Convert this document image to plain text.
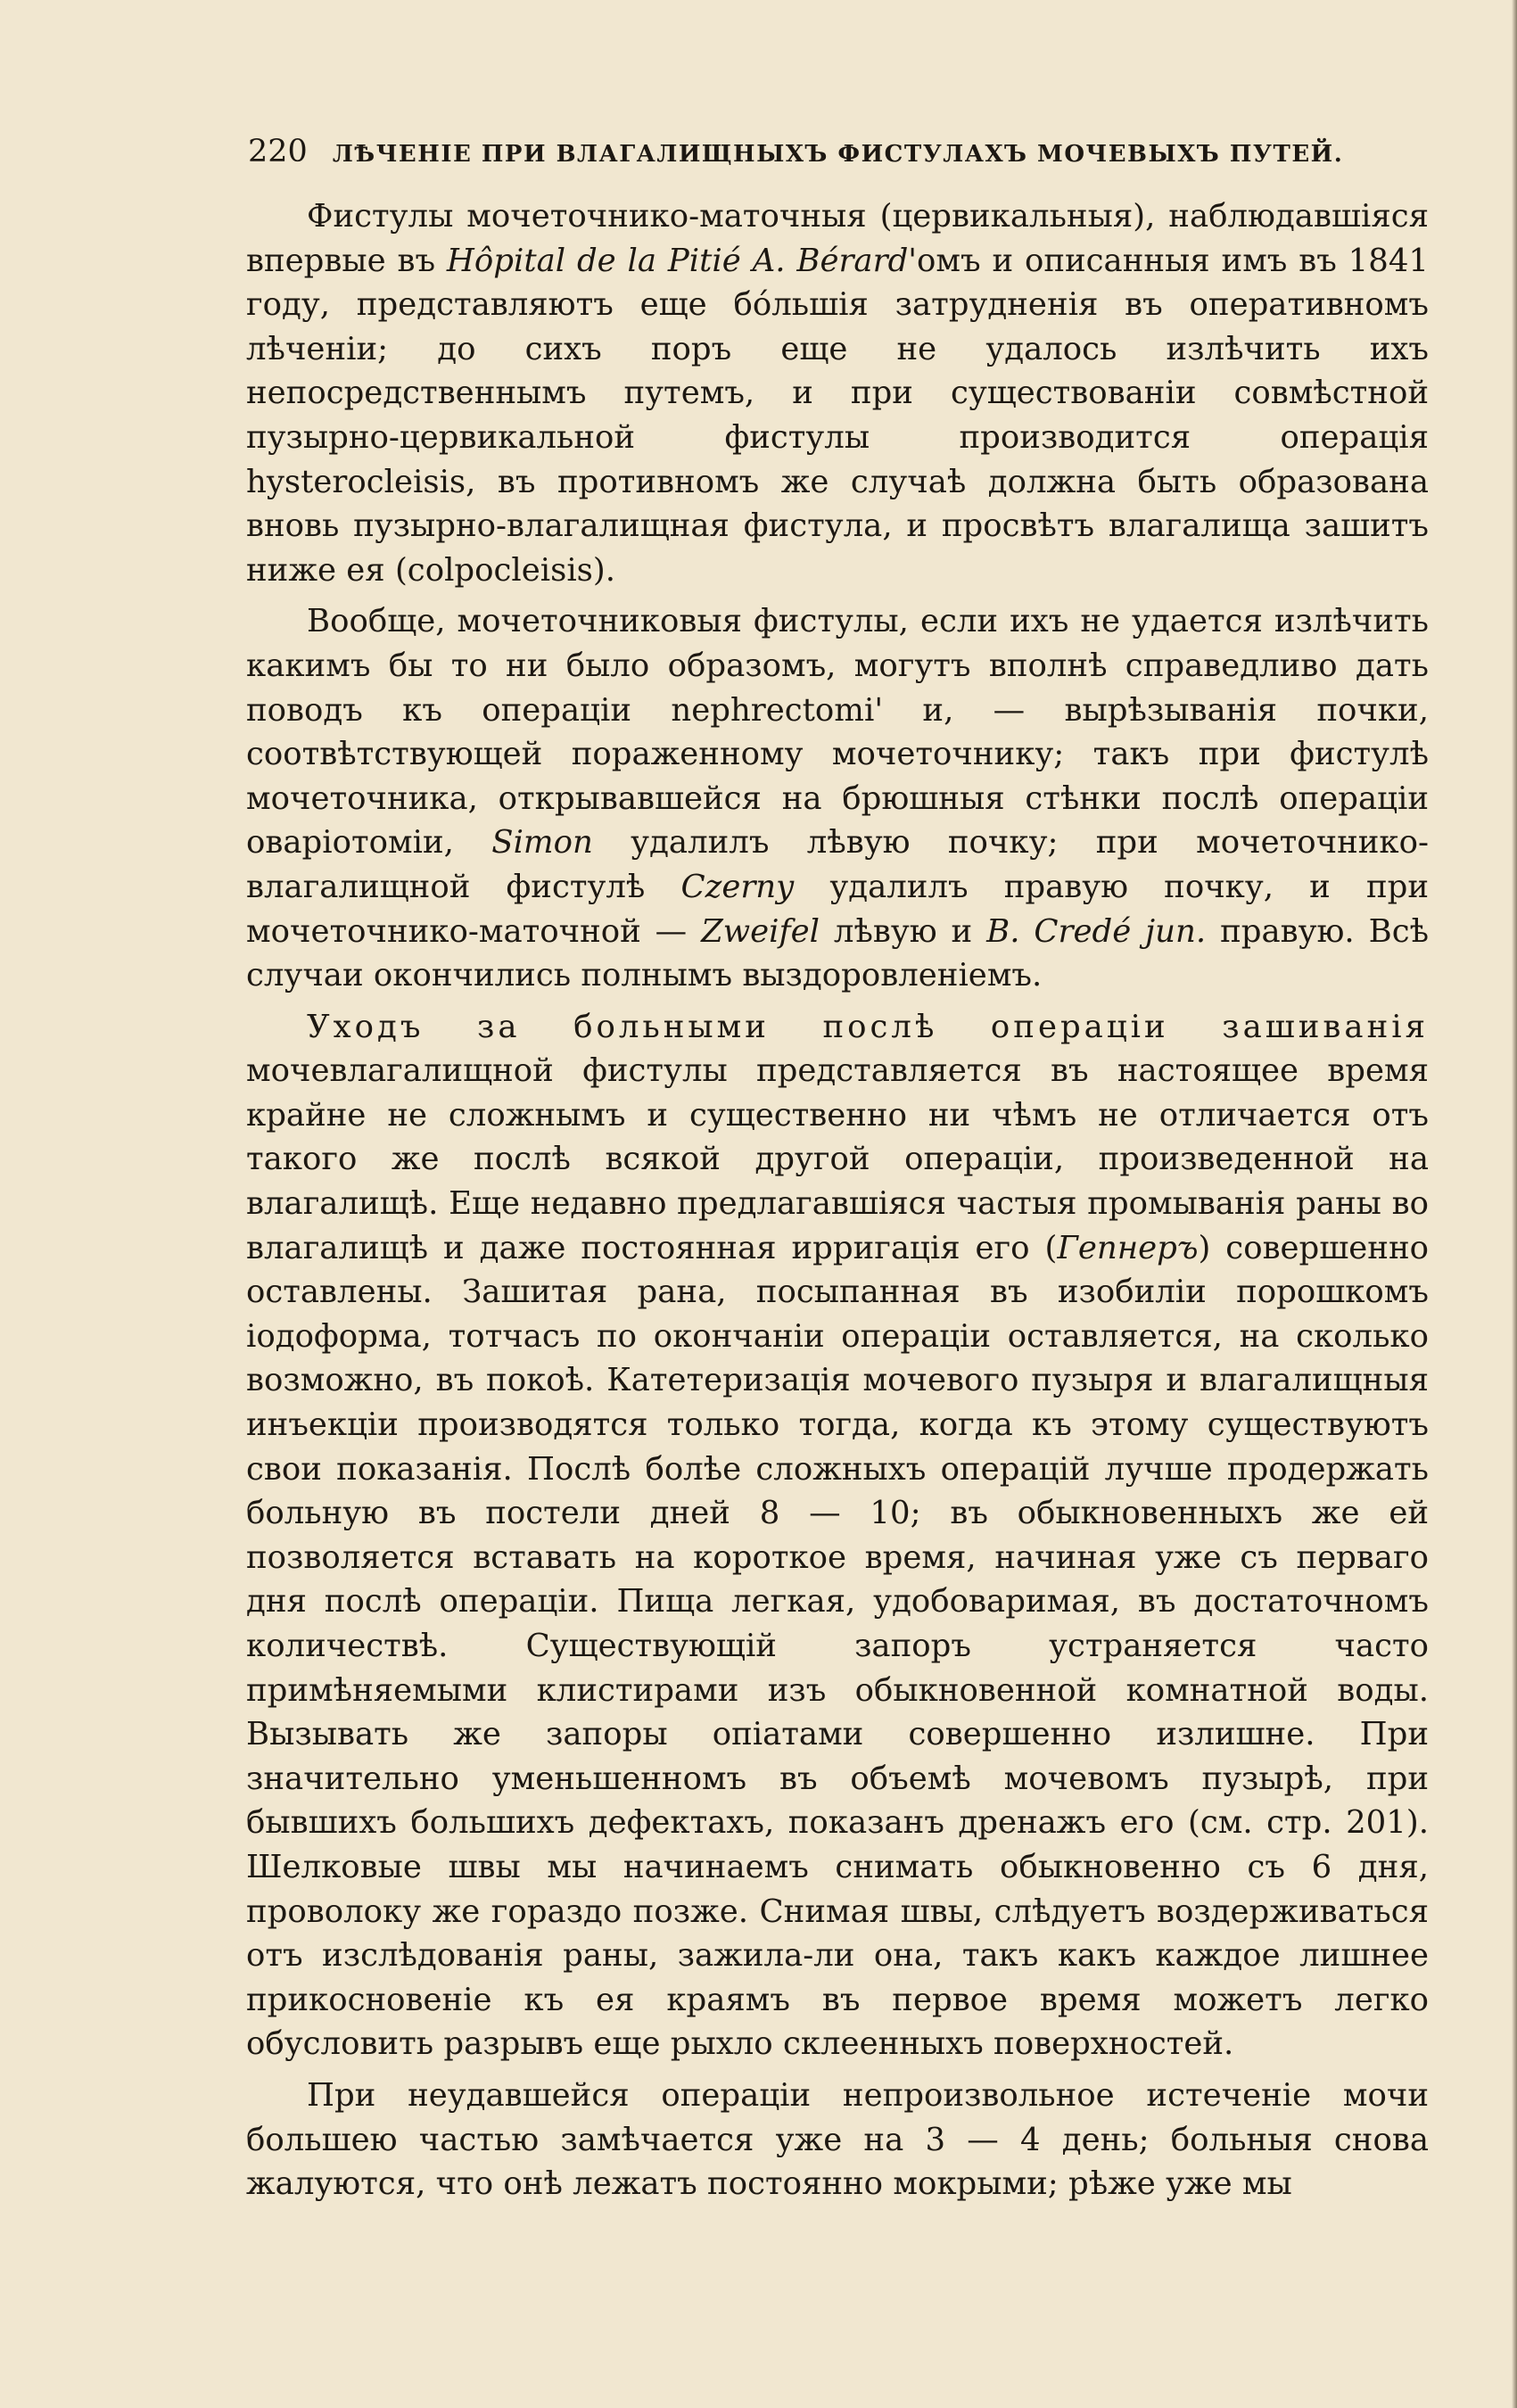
220 ЛѢЧЕНІЕ ПРИ ВЛАГАЛИЩНЫХЪ ФИСТУЛАХЪ МОЧЕВЫХЪ ПУТЕЙ.

Фистулы мочеточнико-маточныя (цервикальныя), наблюдавшіяся впервые въ Hôpital de la Pitié A. Bérard'омъ и описанныя имъ въ 1841 году, представляютъ еще бо́льшія затрудненія въ оперативномъ лѣченіи; до сихъ поръ еще не удалось излѣчить ихъ непосредственнымъ путемъ, и при существованіи совмѣстной пузырно-цервикальной фистулы производится операція hysterocleisis, въ противномъ же случаѣ должна быть образована вновь пузырно-влагалищная фистула, и просвѣтъ влагалища зашитъ ниже ея (colpocleisis).

Вообще, мочеточниковыя фистулы, если ихъ не удается излѣчить какимъ бы то ни было образомъ, могутъ вполнѣ справедливо дать поводъ къ операціи nephrectomi' и, — вырѣзыванія почки, соотвѣтствующей пораженному мочеточнику; такъ при фистулѣ мочеточника, открывавшейся на брюшныя стѣнки послѣ операціи оваріотоміи, Simon удалилъ лѣвую почку; при мочеточнико-влагалищной фистулѣ Czerny удалилъ правую почку, и при мочеточнико-маточной — Zweifel лѣвую и B. Credé jun. правую. Всѣ случаи окончились полнымъ выздоровленіемъ.

Уходъ за больными послѣ операціи зашиванія мочевлагалищной фистулы представляется въ настоящее время крайне не сложнымъ и существенно ни чѣмъ не отличается отъ такого же послѣ всякой другой операціи, произведенной на влагалищѣ. Еще недавно предлагавшіяся частыя промыванія раны во влагалищѣ и даже постоянная ирригація его (Гепнеръ) совершенно оставлены. Зашитая рана, посыпанная въ изобиліи порошкомъ іодоформа, тотчасъ по окончаніи операціи оставляется, на сколько возможно, въ покоѣ. Катетеризація мочевого пузыря и влагалищныя инъекціи производятся только тогда, когда къ этому существуютъ свои показанія. Послѣ болѣе сложныхъ операцій лучше продержать больную въ постели дней 8 — 10; въ обыкновенныхъ же ей позволяется вставать на короткое время, начиная уже съ перваго дня послѣ операціи. Пища легкая, удобоваримая, въ достаточномъ количествѣ. Существующій запоръ устраняется часто примѣняемыми клистирами изъ обыкновенной комнатной воды. Вызывать же запоры опіатами совершенно излишне. При значительно уменьшенномъ въ объемѣ мочевомъ пузырѣ, при бывшихъ большихъ дефектахъ, показанъ дренажъ его (см. стр. 201). Шелковые швы мы начинаемъ снимать обыкновенно съ 6 дня, проволоку же гораздо позже. Снимая швы, слѣдуетъ воздерживаться отъ изслѣдованія раны, зажила-ли она, такъ какъ каждое лишнее прикосновеніе къ ея краямъ въ первое время можетъ легко обусловить разрывъ еще рыхло склеенныхъ поверхностей.

При неудавшейся операціи непроизвольное истеченіе мочи большею частью замѣчается уже на 3 — 4 день; больныя снова жалуются, что онѣ лежатъ постоянно мокрыми; рѣже уже мы
